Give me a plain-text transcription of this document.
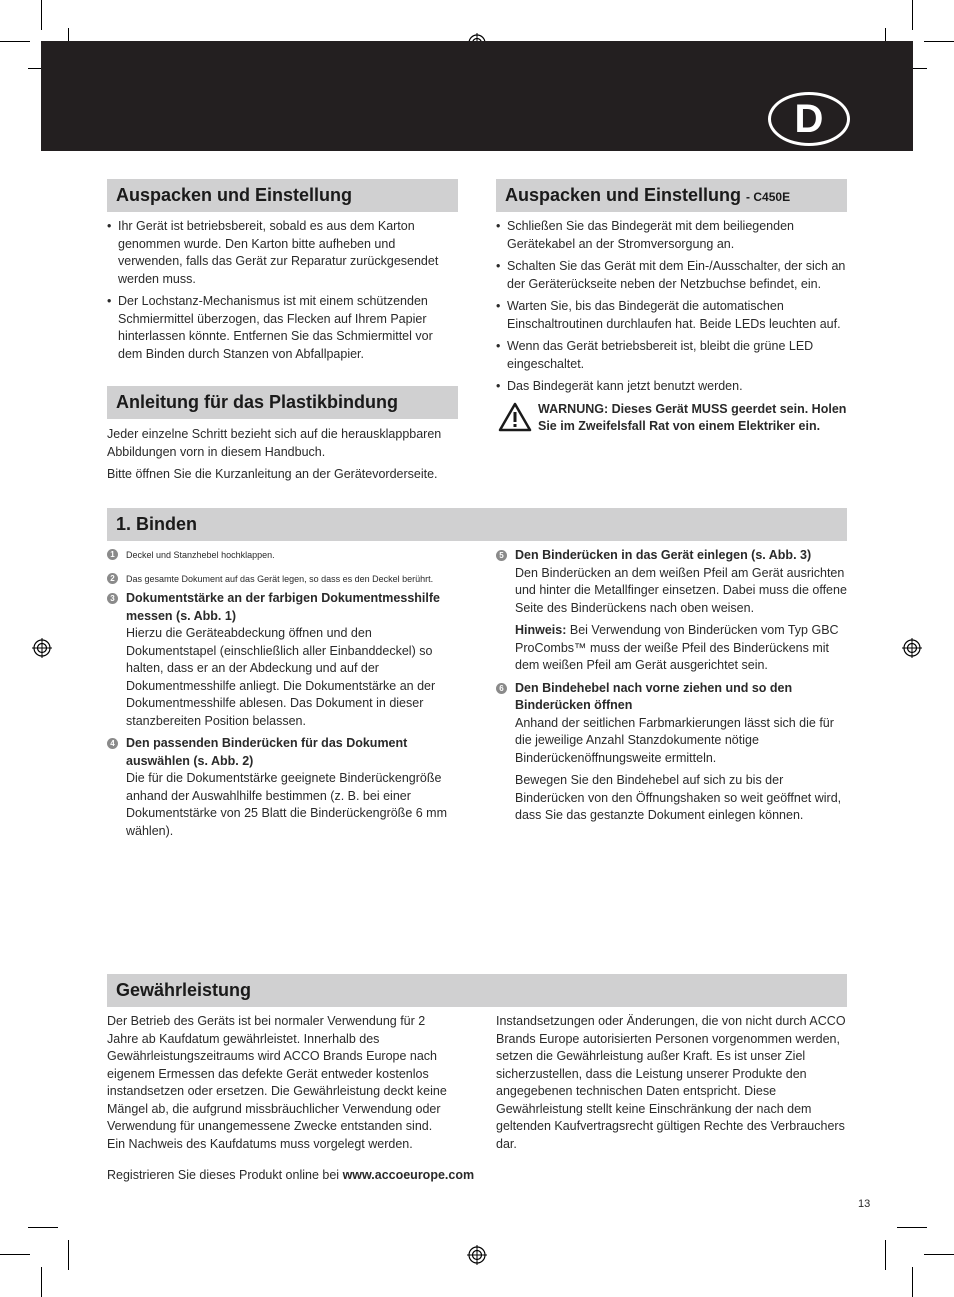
D
Auspacken und Einstellung
• Ihr Gerät ist betriebsbereit, sobald es aus dem Karton genommen wurde. Den Karton bitte aufheben und verwenden, falls das Gerät zur Reparatur zurückgesendet werden muss.
• Der Lochstanz-Mechanismus ist mit einem schützenden Schmiermittel überzogen, das Flecken auf Ihrem Papier hinterlassen könnte. Entfernen Sie das Schmiermittel vor dem Binden durch Stanzen von Abfallpapier.
Anleitung für das Plastikbindung

Jeder einzelne Schritt bezieht sich auf die herausklappbaren Abbildungen vorn in diesem Handbuch.

Bitte öffnen Sie die Kurzanleitung an der Gerätevorderseite.

Auspacken und Einstellung - C450E
• Schließen Sie das Bindegerät mit dem beiliegenden Gerätekabel an der Stromversorgung an.
• Schalten Sie das Gerät mit dem Ein-/Ausschalter, der sich an der Geräterückseite neben der Netzbuchse befindet, ein.
• Warten Sie, bis das Bindegerät die automatischen Einschaltroutinen durchlaufen hat. Beide LEDs leuchten auf.
• Wenn das Gerät betriebsbereit ist, bleibt die grüne LED eingeschaltet.
• Das Bindegerät kann jetzt benutzt werden.
WARNUNG: Dieses Gerät MUSS geerdet sein. Holen Sie im Zweifelsfall Rat von einem Elektriker ein.
1. Binden
1	Deckel und Stanzhebel hochklappen.
2	Das gesamte Dokument auf das Gerät legen, so dass es den Deckel berührt.
3 Dokumentstärke an der farbigen Dokumentmesshilfe messen (s. Abb. 1)
Hierzu die Geräteabdeckung öffnen und den Dokumentstapel (einschließlich aller Einbanddeckel) so halten, dass er an der Abdeckung und auf der Dokumentmesshilfe anliegt. Die Dokumentstärke an der Dokumentmesshilfe ablesen. Das Dokument in dieser stanzbereiten Position belassen.
4 Den passenden Binderücken für das Dokument auswählen (s. Abb. 2)
Die für die Dokumentstärke geeignete Binderückengröße anhand der Auswahlhilfe bestimmen (z. B. bei einer Dokumentstärke von 25 Blatt die Binderückengröße 6 mm wählen).
5 Den Binderücken in das Gerät einlegen (s. Abb. 3)
Den Binderücken an dem weißen Pfeil am Gerät ausrichten und hinter die Metallfinger einsetzen. Dabei muss die offene Seite des Binderückens nach oben weisen.
Hinweis: Bei Verwendung von Binderücken vom Typ GBC ProCombs™ muss der weiße Pfeil des Binderückens mit dem weißen Pfeil am Gerät ausgerichtet sein.
6 Den Bindehebel nach vorne ziehen und so den Binderücken öffnen
Anhand der seitlichen Farbmarkierungen lässt sich die für die jeweilige Anzahl Stanzdokumente nötige Binderückenöffnungsweite ermitteln.
Bewegen Sie den Bindehebel auf sich zu bis der Binderücken von den Öffnungshaken so weit geöffnet wird, dass Sie das gestanzte Dokument einlegen können.
Gewährleistung

Der Betrieb des Geräts ist bei normaler Verwendung für 2 Jahre ab Kaufdatum gewährleistet. Innerhalb des Gewährleistungszeitraums wird ACCO Brands Europe nach eigenem Ermessen das defekte Gerät entweder kostenlos instandsetzen oder ersetzen. Die Gewährleistung deckt keine Mängel ab, die aufgrund missbräuchlicher Verwendung oder Verwendung für unangemessene Zwecke entstanden sind. Ein Nachweis des Kaufdatums muss vorgelegt werden.

Instandsetzungen oder Änderungen, die von nicht durch ACCO Brands Europe autorisierten Personen vorgenommen werden, setzen die Gewährleistung außer Kraft. Es ist unser Ziel sicherzustellen, dass die Leistung unserer Produkte den angegebenen technischen Daten entspricht. Diese Gewährleistung stellt keine Einschränkung der nach dem geltenden Kaufvertragsrecht gültigen Rechte des Verbrauchers dar.

Registrieren Sie dieses Produkt online bei www.accoeurope.com
13
